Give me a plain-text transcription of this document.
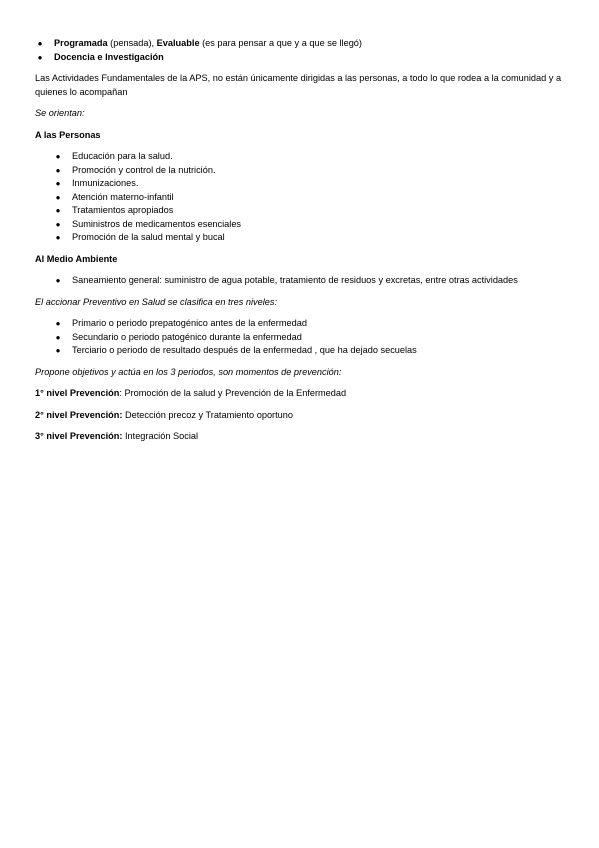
● Programada (pensada), Evaluable (es para pensar a que y a que se llegó)
● Docencia e Investigación

Las Actividades Fundamentales de la APS, no están únicamente dirigidas a las personas, a todo lo que rodea a la comunidad y a quienes lo acompañan

Se orientan:

A las Personas

● Educación para la salud.
● Promoción y control de la nutrición.
● Inmunizaciones.
● Atención materno-infantil
● Tratamientos apropiados
● Suministros de medicamentos esenciales
● Promoción de la salud mental y bucal

Al Medio Ambiente

● Saneamiento general: suministro de agua potable, tratamiento de residuos y excretas, entre otras actividades

El accionar Preventivo en Salud se clasifica en tres niveles:

● Primario o periodo prepatogénico antes de la enfermedad
● Secundario o periodo patogénico durante la enfermedad
● Terciario o periodo de resultado después de la enfermedad , que ha dejado secuelas

Propone objetivos y actúa en los 3 periodos, son momentos de prevención:

1° nivel Prevención: Promoción de la salud y Prevención de la Enfermedad

2° nivel Prevención: Detección precoz y Tratamiento oportuno

3° nivel Prevención: Integración Social
